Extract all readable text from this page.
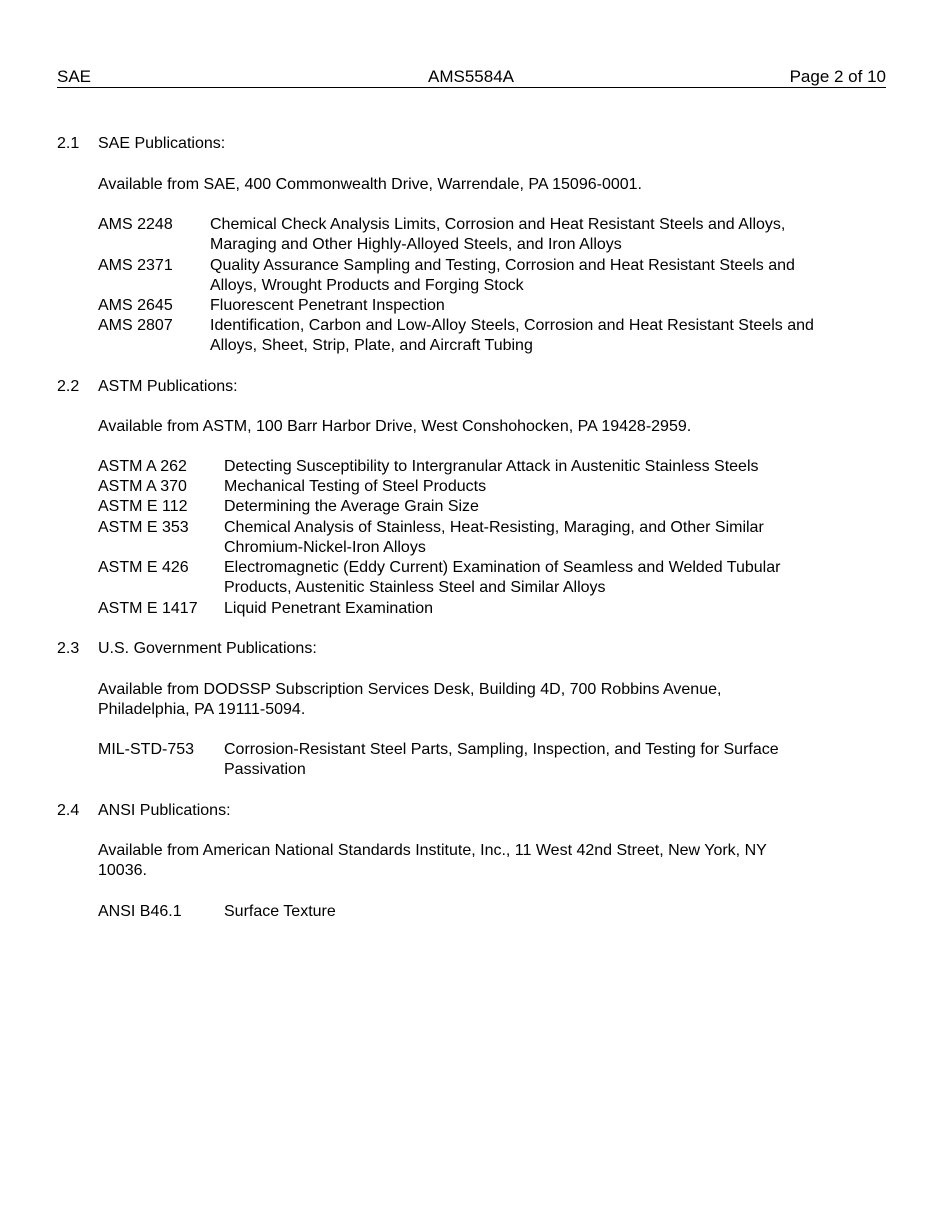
SAE	AMS5584A	Page 2 of 10
2.1 SAE Publications:
Available from SAE, 400 Commonwealth Drive, Warrendale, PA 15096-0001.
AMS 2248 Chemical Check Analysis Limits, Corrosion and Heat Resistant Steels and Alloys,
Maraging and Other Highly-Alloyed Steels, and Iron Alloys
AMS 2371 Quality Assurance Sampling and Testing, Corrosion and Heat Resistant Steels and
Alloys, Wrought Products and Forging Stock
AMS 2645 Fluorescent Penetrant Inspection
AMS 2807 Identification, Carbon and Low-Alloy Steels, Corrosion and Heat Resistant Steels and
Alloys, Sheet, Strip, Plate, and Aircraft Tubing
2.2 ASTM Publications:
Available from ASTM, 100 Barr Harbor Drive, West Conshohocken, PA 19428-2959.
ASTM A 262 Detecting Susceptibility to Intergranular Attack in Austenitic Stainless Steels
ASTM A 370 Mechanical Testing of Steel Products
ASTM E 112 Determining the Average Grain Size
ASTM E 353 Chemical Analysis of Stainless, Heat-Resisting, Maraging, and Other Similar
Chromium-Nickel-Iron Alloys
ASTM E 426 Electromagnetic (Eddy Current) Examination of Seamless and Welded Tubular
Products, Austenitic Stainless Steel and Similar Alloys
ASTM E 1417 Liquid Penetrant Examination
2.3 U.S. Government Publications:
Available from DODSSP Subscription Services Desk, Building 4D, 700 Robbins Avenue,
Philadelphia, PA 19111-5094.
MIL-STD-753 Corrosion-Resistant Steel Parts, Sampling, Inspection, and Testing for Surface
Passivation
2.4 ANSI Publications:
Available from American National Standards Institute, Inc., 11 West 42nd Street, New York, NY
10036.
ANSI B46.1	Surface Texture
